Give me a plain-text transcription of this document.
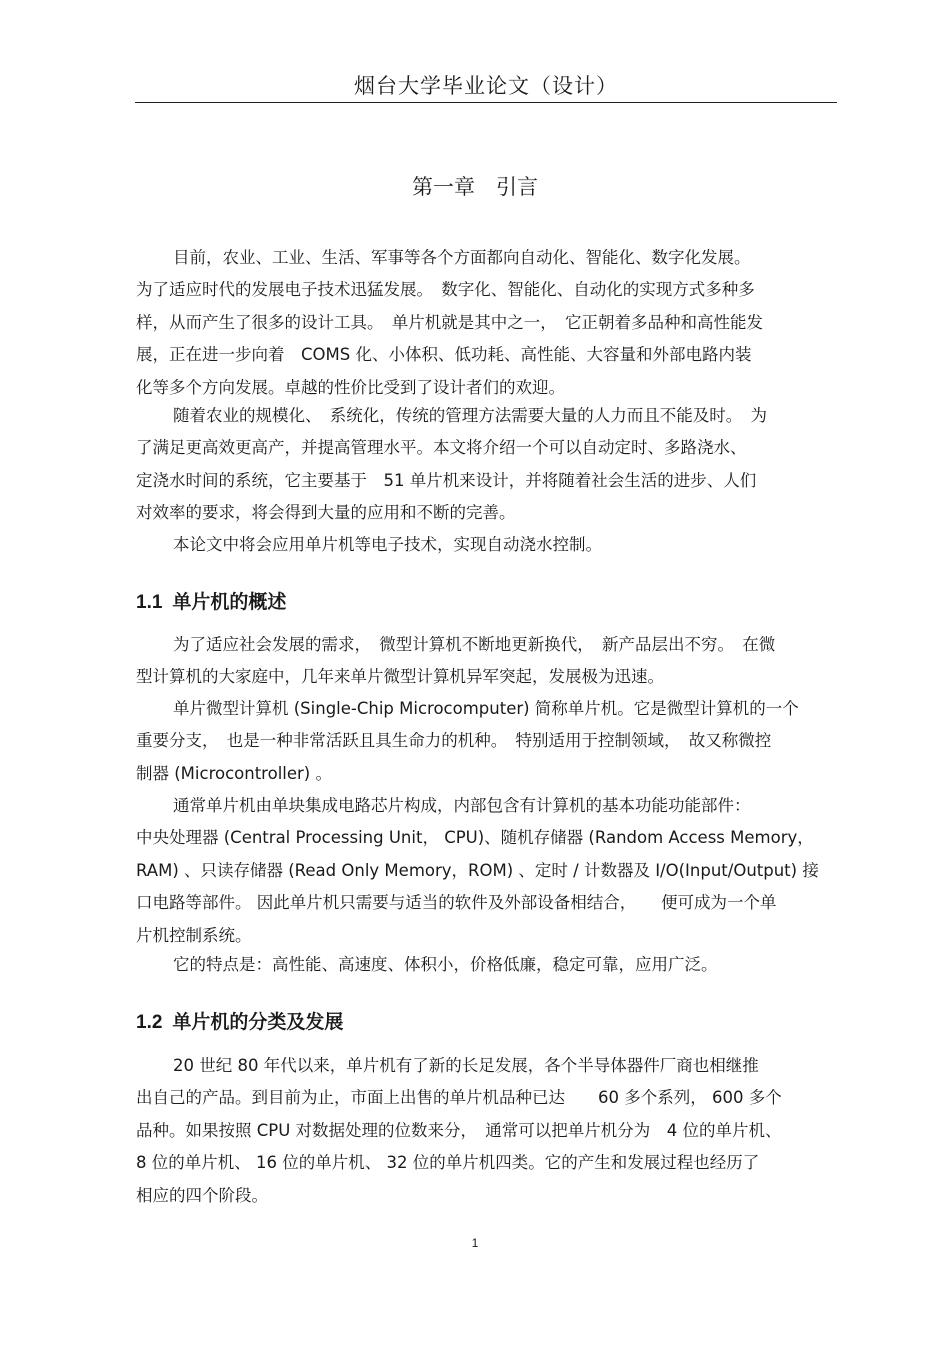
烟台大学毕业论文（设计）
第一章　引言

目前，农业、工业、生活、军事等各个方面都向自动化、智能化、数字化发展。
为了适应时代的发展电子技术迅猛发展。　数字化、智能化、自动化的实现方式多种多
样，从而产生了很多的设计工具。　单片机就是其中之一，　它正朝着多品种和高性能发
展，正在进一步向着　COMS 化、小体积、低功耗、高性能、大容量和外部电路内装
化等多个方向发展。卓越的性价比受到了设计者们的欢迎。

随着农业的规模化、　系统化，传统的管理方法需要大量的人力而且不能及时。　为
了满足更高效更高产，并提高管理水平。本文将介绍一个可以自动定时、多路浇水、
定浇水时间的系统，它主要基于　51 单片机来设计，并将随着社会生活的进步、人们
对效率的要求，将会得到大量的应用和不断的完善。

本论文中将会应用单片机等电子技术，实现自动浇水控制。

1.1 单片机的概述

为了适应社会发展的需求，　微型计算机不断地更新换代，　新产品层出不穷。　在微
型计算机的大家庭中，几年来单片微型计算机异军突起，发展极为迅速。

单片微型计算机 (Single-Chip Microcomputer) 简称单片机。它是微型计算机的一个
重要分支，　也是一种非常活跃且具生命力的机种。　特别适用于控制领域，　故又称微控
制器 (Microcontroller) 。

通常单片机由单块集成电路芯片构成，内部包含有计算机的基本功能功能部件：
中央处理器 (Central Processing Unit， CPU)、随机存储器 (Random Access Memory，
RAM) 、只读存储器 (Read Only Memory，ROM) 、定时 / 计数器及 I/O(Input/Output) 接
口电路等部件。 因此单片机只需要与适当的软件及外部设备相结合，　　便可成为一个单
片机控制系统。

它的特点是：高性能、高速度、体积小，价格低廉，稳定可靠，应用广泛。

1.2 单片机的分类及发展

20 世纪 80 年代以来，单片机有了新的长足发展，各个半导体器件厂商也相继推
出自己的产品。到目前为止，市面上出售的单片机品种已达　　60 多个系列， 600 多个
品种。如果按照 CPU 对数据处理的位数来分，　通常可以把单片机分为　4 位的单片机、
8 位的单片机、 16 位的单片机、 32 位的单片机四类。它的产生和发展过程也经历了
相应的四个阶段。

1
